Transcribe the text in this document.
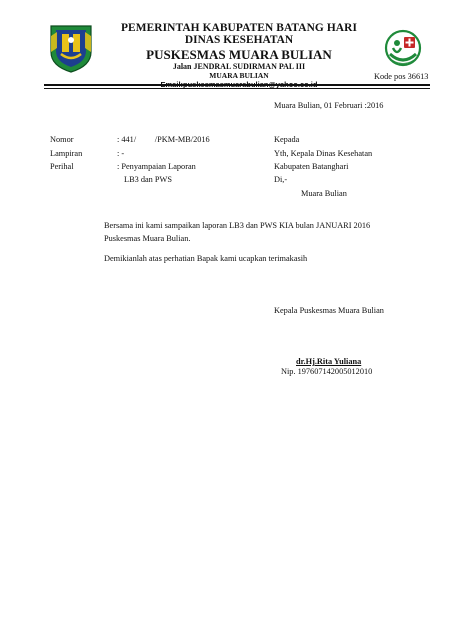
PEMERINTAH KABUPATEN BATANG HARI
DINAS KESEHATAN
PUSKESMAS MUARA BULIAN
Jalan JENDRAL SUDIRMAN PAL III
MUARA BULIAN	Kode pos 36613
Muara Bulian, 01 Februari :2016
Nomor	: 441/         /PKM-MB/2016
Lampiran	: -
Perihal	: Penyampaian Laporan
LB3 dan PWS
Kepada
Yth, Kepala Dinas Kesehatan
Kabupaten Batanghari
Di,-
Muara Bulian
Bersama ini kami sampaikan laporan LB3 dan PWS KIA bulan JANUARI 2016
Puskesmas Muara Bulian.
Demikianlah atas perhatian Bapak kami ucapkan terimakasih
Kepala Puskesmas Muara Bulian
dr.Hj.Rita Yuliana
Nip. 197607142005012010
